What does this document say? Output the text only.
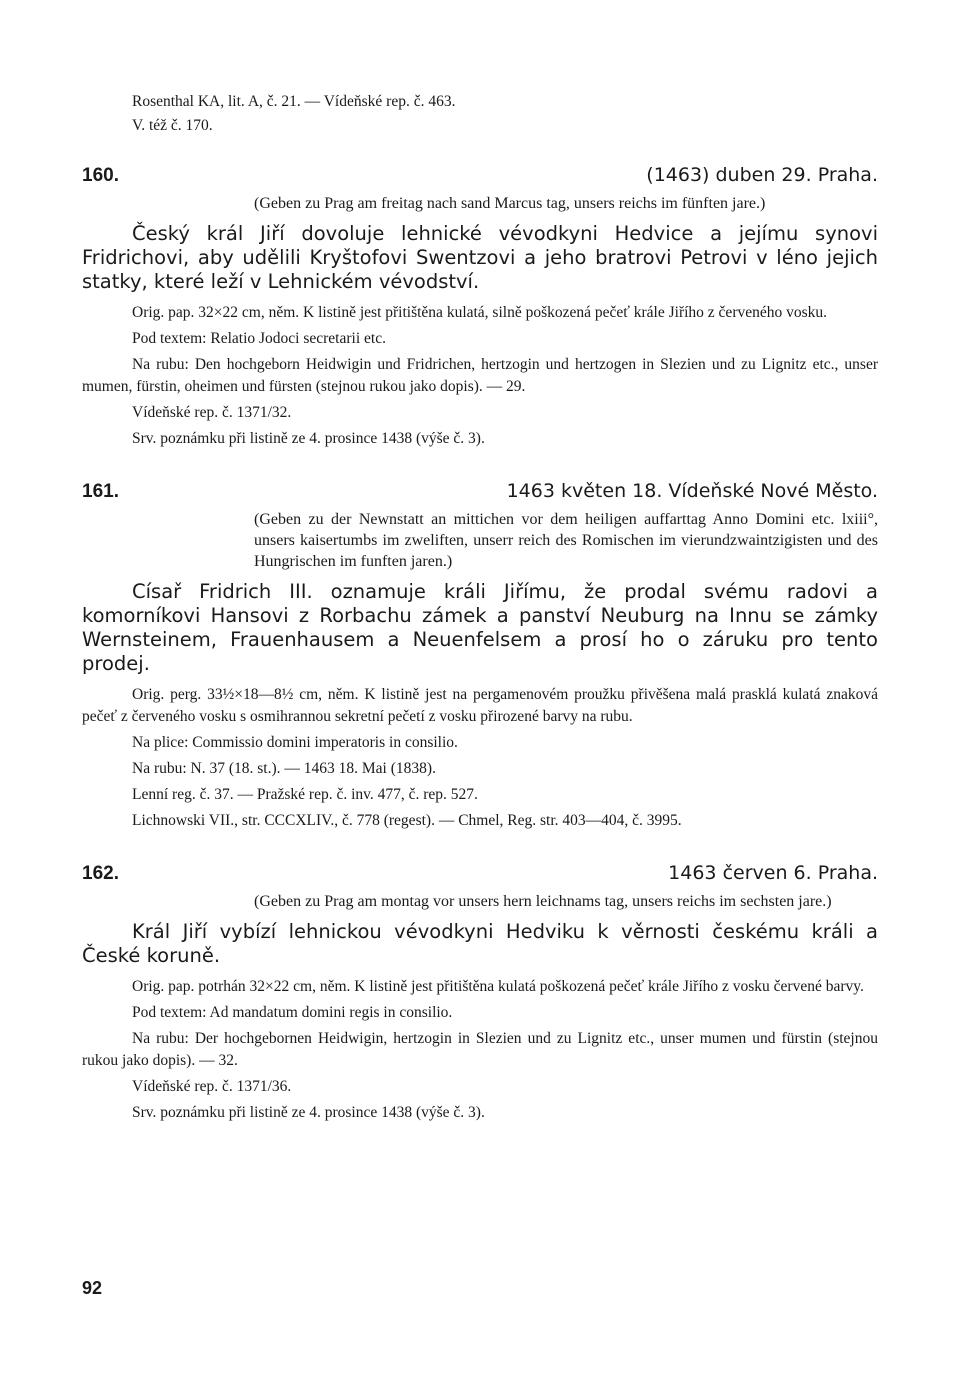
Rosenthal KA, lit. A, č. 21. — Vídeňské rep. č. 463.
V. též č. 170.
160.	(1463) duben 29. Praha.
(Geben zu Prag am freitag nach sand Marcus tag, unsers reichs im fünften jare.)
Český král Jiří dovoluje lehnické vévodkyni Hedvice a jejímu synovi Fridrichovi, aby udělili Kryštofovi Swentzovi a jeho bratrovi Petrovi v léno jejich statky, které leží v Lehnickém vévodství.
Orig. pap. 32×22 cm, něm. K listině jest přitištěna kulatá, silně poškozená pečeť krále Jiřího z červeného vosku.
Pod textem: Relatio Jodoci secretarii etc.
Na rubu: Den hochgeborn Heidwigin und Fridrichen, hertzogin und hertzogen in Slezien und zu Lignitz etc., unser mumen, fürstin, oheimen und fürsten (stejnou rukou jako dopis). — 29.
Vídeňské rep. č. 1371/32.
Srv. poznámku při listině ze 4. prosince 1438 (výše č. 3).
161.	1463 květen 18. Vídeňské Nové Město.
(Geben zu der Newnstatt an mittichen vor dem heiligen auffarttag Anno Domini etc. lxiii°, unsers kaisertumbs im zweliften, unserr reich des Romischen im vierundzwaintzigisten und des Hungrischen im funften jaren.)
Císař Fridrich III. oznamuje králi Jiřímu, že prodal svému radovi a komorníkovi Hansovi z Rorbachu zámek a panství Neuburg na Innu se zámky Wernsteinem, Frauenhausem a Neuenfelsem a prosí ho o záruku pro tento prodej.
Orig. perg. 33½×18—8½ cm, něm. K listině jest na pergamenovém proužku přivěšena malá prasklá kulatá znaková pečeť z červeného vosku s osmihrannou sekretní pečetí z vosku přirozené barvy na rubu.
Na plice: Commissio domini imperatoris in consilio.
Na rubu: N. 37 (18. st.). — 1463 18. Mai (1838).
Lenní reg. č. 37. — Pražské rep. č. inv. 477, č. rep. 527.
Lichnowski VII., str. CCCXLIV., č. 778 (regest). — Chmel, Reg. str. 403—404, č. 3995.
162.	1463 červen 6. Praha.
(Geben zu Prag am montag vor unsers hern leichnams tag, unsers reichs im sechsten jare.)
Král Jiří vybízí lehnickou vévodkyni Hedviku k věrnosti českému králi a České koruně.
Orig. pap. potrhán 32×22 cm, něm. K listině jest přitištěna kulatá poškozená pečeť krále Jiřího z vosku červené barvy.
Pod textem: Ad mandatum domini regis in consilio.
Na rubu: Der hochgebornen Heidwigin, hertzogin in Slezien und zu Lignitz etc., unser mumen und fürstin (stejnou rukou jako dopis). — 32.
Vídeňské rep. č. 1371/36.
Srv. poznámku při listině ze 4. prosince 1438 (výše č. 3).
92
